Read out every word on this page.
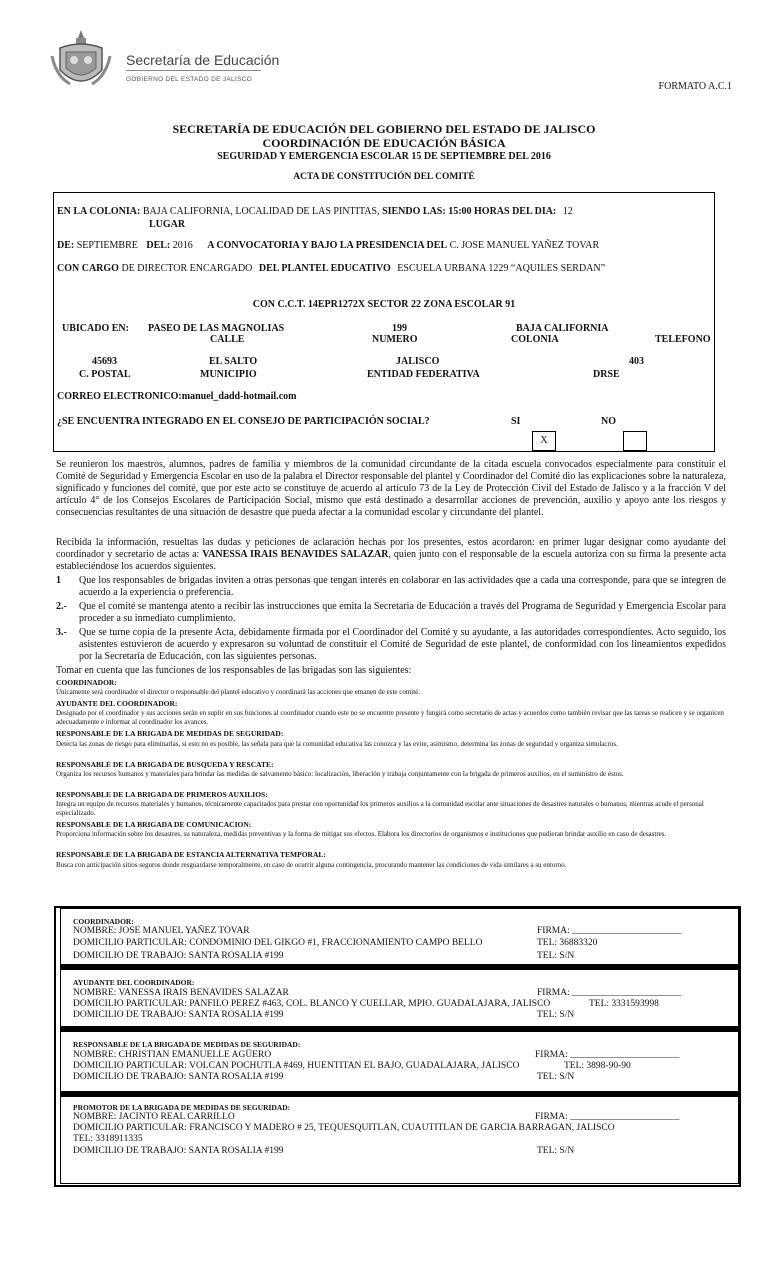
Secretaría de Educación
GOBIERNO DEL ESTADO DE JALISCO
FORMATO A.C.1
SECRETARÍA DE EDUCACIÓN DEL GOBIERNO DEL ESTADO DE JALISCO
COORDINACIÓN DE EDUCACIÓN BÁSICA
SEGURIDAD Y EMERGENCIA ESCOLAR 15 DE SEPTIEMBRE DEL 2016
ACTA DE CONSTITUCIÓN DEL COMITÉ
EN LA COLONIA: BAJA CALIFORNIA, LOCALIDAD DE LAS PINTITAS, SIENDO LAS: 15:00 HORAS DEL DIA: 12
LUGAR
DE: SEPTIEMBRE DEL: 2016 A CONVOCATORIA Y BAJO LA PRESIDENCIA DEL C. JOSE MANUEL YAÑEZ TOVAR
CON CARGO DE DIRECTOR ENCARGADO DEL PLANTEL EDUCATIVO ESCUELA URBANA 1229 “AQUILES SERDAN”
CON C.C.T. 14EPR1272X SECTOR 22 ZONA ESCOLAR 91
UBICADO EN: PASEO DE LAS MAGNOLIAS	199	BAJA CALIFORNIA
CALLE	NUMERO	COLONIA	TELEFONO
45693	EL SALTO	JALISCO	403
C. POSTAL	MUNICIPIO	ENTIDAD FEDERATIVA	DRSE
CORREO ELECTRONICO:manuel_dadd-hotmail.com
¿SE ENCUENTRA INTEGRADO EN EL CONSEJO DE PARTICIPACIÓN SOCIAL?	SI	NO
X
Se reunieron los maestros, alumnos, padres de familia y miembros de la comunidad circundante de la citada escuela convocados especialmente para constituir el Comité de Seguridad y Emergencia Escolar en uso de la palabra el Director responsable del plantel y Coordinador del Comité dio las explicaciones sobre la naturaleza, significado y funciones del comité, que por este acto se constituye de acuerdo al artículo 73 de la Ley de Protección Civil del Estado de Jalisco y a la fracción V del artículo 4° de los Consejos Escolares de Participación Social, mismo que está destinado a desarrollar acciones de prevención, auxilio y apoyo ante los riesgos y consecuencias resultantes de una situación de desastre que pueda afectar a la comunidad escolar y circundante del plantel.
Recibida la información, resueltas las dudas y peticiones de aclaración hechas por los presentes, estos acordaron: en primer lugar designar como ayudante del coordinador y secretario de actas a: VANESSA IRAIS BENAVIDES SALAZAR, quien junto con el responsable de la escuela autoriza con su firma la presente acta estableciéndose los acuerdos siguientes.
1 Que los responsables de brigadas inviten a otras personas que tengan interés en colaborar en las actividades que a cada una corresponde, para que se integren de acuerdo a la experiencia o preferencia.
2.- Que el comité se mantenga atento a recibir las instrucciones que emita la Secretaria de Educación a través del Programa de Seguridad y Emergencia Escolar para proceder a su inmediato cumplimiento.
3.- Que se turne copia de la presente Acta, debidamente firmada por el Coordinador del Comité y su ayudante, a las autoridades correspondientes. Acto seguido, los asistentes estuvieron de acuerdo y expresaron su voluntad de constituir el Comité de Seguridad de este plantel, de conformidad con los lineamientos expedidos por la Secretaría de Educación, con las siguientes personas.
Tomar en cuenta que las funciones de los responsables de las brigadas son las siguientes:
COORDINADOR:
Únicamente será coordinador el director o responsable del plantel educativo y coordinará las acciones que emanen de este comité.
AYUDANTE DEL COORDINADOR:
Designado por el coordinador y sus acciones serán en suplir en sus funciones al coordinador cuando este no se encuentre presente y fungirá como secretario de actas y acuerdos como también revisar que las tareas se realicen y se organicen adecuadamente e informar al coordinador los avances.
RESPONSABLE DE LA BRIGADA DE MEDIDAS DE SEGURIDAD:
Detecta las zonas de riesgo para eliminarlas, si esto no es posible, las señala para que la comunidad educativa las conozca y las evite, asimismo, determina las zonas de seguridad y organiza simulacros.
RESPONSABLE DE LA BRIGADA DE BUSQUEDA Y RESCATE:
Organiza los recursos humanos y materiales para brindar las medidas de salvamento básico: localización, liberación y trabaja conjuntamente con la brigada de primeros auxilios, en el suministro de éstos.
RESPONSABLE DE LA BRIGADA DE PRIMEROS AUXILIOS:
Integra un equipo de recursos materiales y humanos, técnicamente capacitados para prestar con oportunidad los primeros auxilios a la comunidad escolar ante situaciones de desastres naturales o humanos, mientras acude el personal especializado.
RESPONSABLE DE LA BRIGADA DE COMUNICACION:
Proporciona información sobre los desastres, su naturaleza, medidas preventivas y la forma de mitigar sus efectos. Elabora los directorios de organismos e instituciones que pudieran brindar auxilio en caso de desastres.
RESPONSABLE DE LA BRIGADA DE ESTANCIA ALTERNATIVA TEMPORAL:
Busca con anticipación sitios seguros donde resguardarse temporalmente, en caso de ocurrir alguna contingencia, procurando mantener las condiciones de vida similares a su entorno.
COORDINADOR:
NOMBRE: JOSE MANUEL YAÑEZ TOVAR	FIRMA: _______________________
DOMICILIO PARTICULAR: CONDOMINIO DEL GIKGO #1, FRACCIONAMIENTO CAMPO BELLO	TEL: 36883320
DOMICILIO DE TRABAJO: SANTA ROSALIA #199	TEL: S/N
AYUDANTE DEL COORDINADOR:
NOMBRE: VANESSA IRAIS BENAVIDES SALAZAR	FIRMA: _______________________
DOMICILIO PARTICULAR: PANFILO PEREZ #463, COL. BLANCO Y CUELLAR, MPIO. GUADALAJARA, JALISCO	TEL: 3331593998
DOMICILIO DE TRABAJO: SANTA ROSALIA #199	TEL: S/N
RESPONSABLE DE LA BRIGADA DE MEDIDAS DE SEGURIDAD:
NOMBRE: CHRISTIAN EMANUELLE AGÜERO	FIRMA: _______________________
DOMICILIO PARTICULAR: VOLCAN POCHUTLA #469, HUENTITAN EL BAJO, GUADALAJARA, JALISCO	TEL: 3898-90-90
DOMICILIO DE TRABAJO: SANTA ROSALIA #199	TEL: S/N
PROMOTOR DE LA BRIGADA DE MEDIDAS DE SEGURIDAD:
NOMBRE: JACINTO REAL CARRILLO	FIRMA: _______________________
DOMICILIO PARTICULAR: FRANCISCO Y MADERO # 25, TEQUESQUITLAN, CUAUTITLAN DE GARCIA BARRAGAN, JALISCO
TEL: 3318911335
DOMICILIO DE TRABAJO: SANTA ROSALIA #199	TEL: S/N
